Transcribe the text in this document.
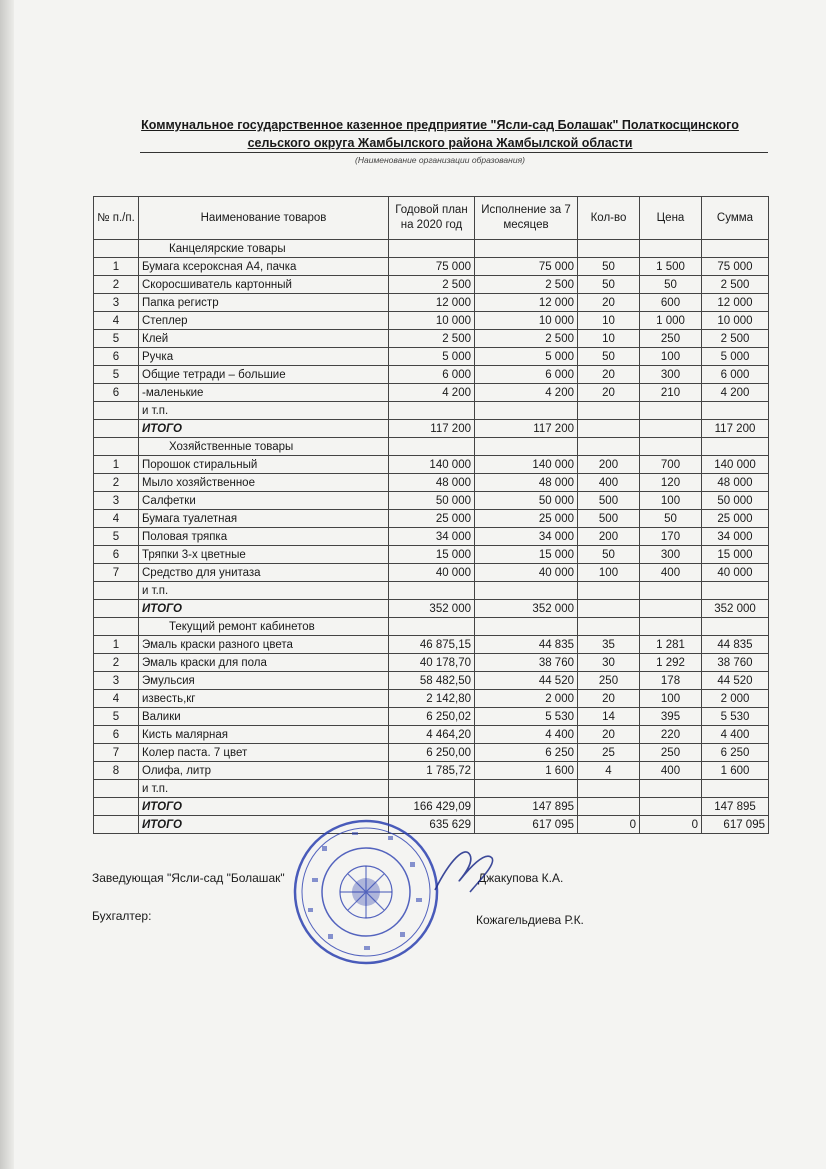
Коммунальное государственное казенное предприятие "Ясли-сад Болашак" Полаткосщинского
сельского округа Жамбылского района Жамбылской области
(Наименование организации образования)
№ п./п.	Наименование товаров	Годовой план на 2020 год	Исполнение за 7 месяцев	Кол-во	Цена	Сумма
	Канцелярские товары					
1	Бумага ксероксная А4, пачка	75 000	75 000	50	1 500	75 000
2	Скоросшиватель картонный	2 500	2 500	50	50	2 500
3	Папка регистр	12 000	12 000	20	600	12 000
4	Степлер	10 000	10 000	10	1 000	10 000
5	Клей	2 500	2 500	10	250	2 500
6	Ручка	5 000	5 000	50	100	5 000
5	Общие тетради – большие	6 000	6 000	20	300	6 000
6	-маленькие	4 200	4 200	20	210	4 200
	и т.п.					
	ИТОГО	117 200	117 200			117 200
	Хозяйственные товары					
1	Порошок стиральный	140 000	140 000	200	700	140 000
2	Мыло хозяйственное	48 000	48 000	400	120	48 000
3	Салфетки	50 000	50 000	500	100	50 000
4	Бумага туалетная	25 000	25 000	500	50	25 000
5	Половая тряпка	34 000	34 000	200	170	34 000
6	Тряпки 3-х цветные	15 000	15 000	50	300	15 000
7	Средство для унитаза	40 000	40 000	100	400	40 000
	и т.п.					
	ИТОГО	352 000	352 000			352 000
	Текущий ремонт кабинетов					
1	Эмаль краски разного цвета	46 875,15	44 835	35	1 281	44 835
2	Эмаль краски для пола	40 178,70	38 760	30	1 292	38 760
3	Эмульсия	58 482,50	44 520	250	178	44 520
4	известь,кг	2 142,80	2 000	20	100	2 000
5	Валики	6 250,02	5 530	14	395	5 530
6	Кисть малярная	4 464,20	4 400	20	220	4 400
7	Колер паста. 7 цвет	6 250,00	6 250	25	250	6 250
8	Олифа, литр	1 785,72	1 600	4	400	1 600
	и т.п.					
	ИТОГО	166 429,09	147 895			147 895
	ИТОГО	635 629	617 095	0	0	617 095
Заведующая "Ясли-сад "Болашак"	Джакупова К.А.
Бухгалтер:	Кожагельдиева Р.К.
